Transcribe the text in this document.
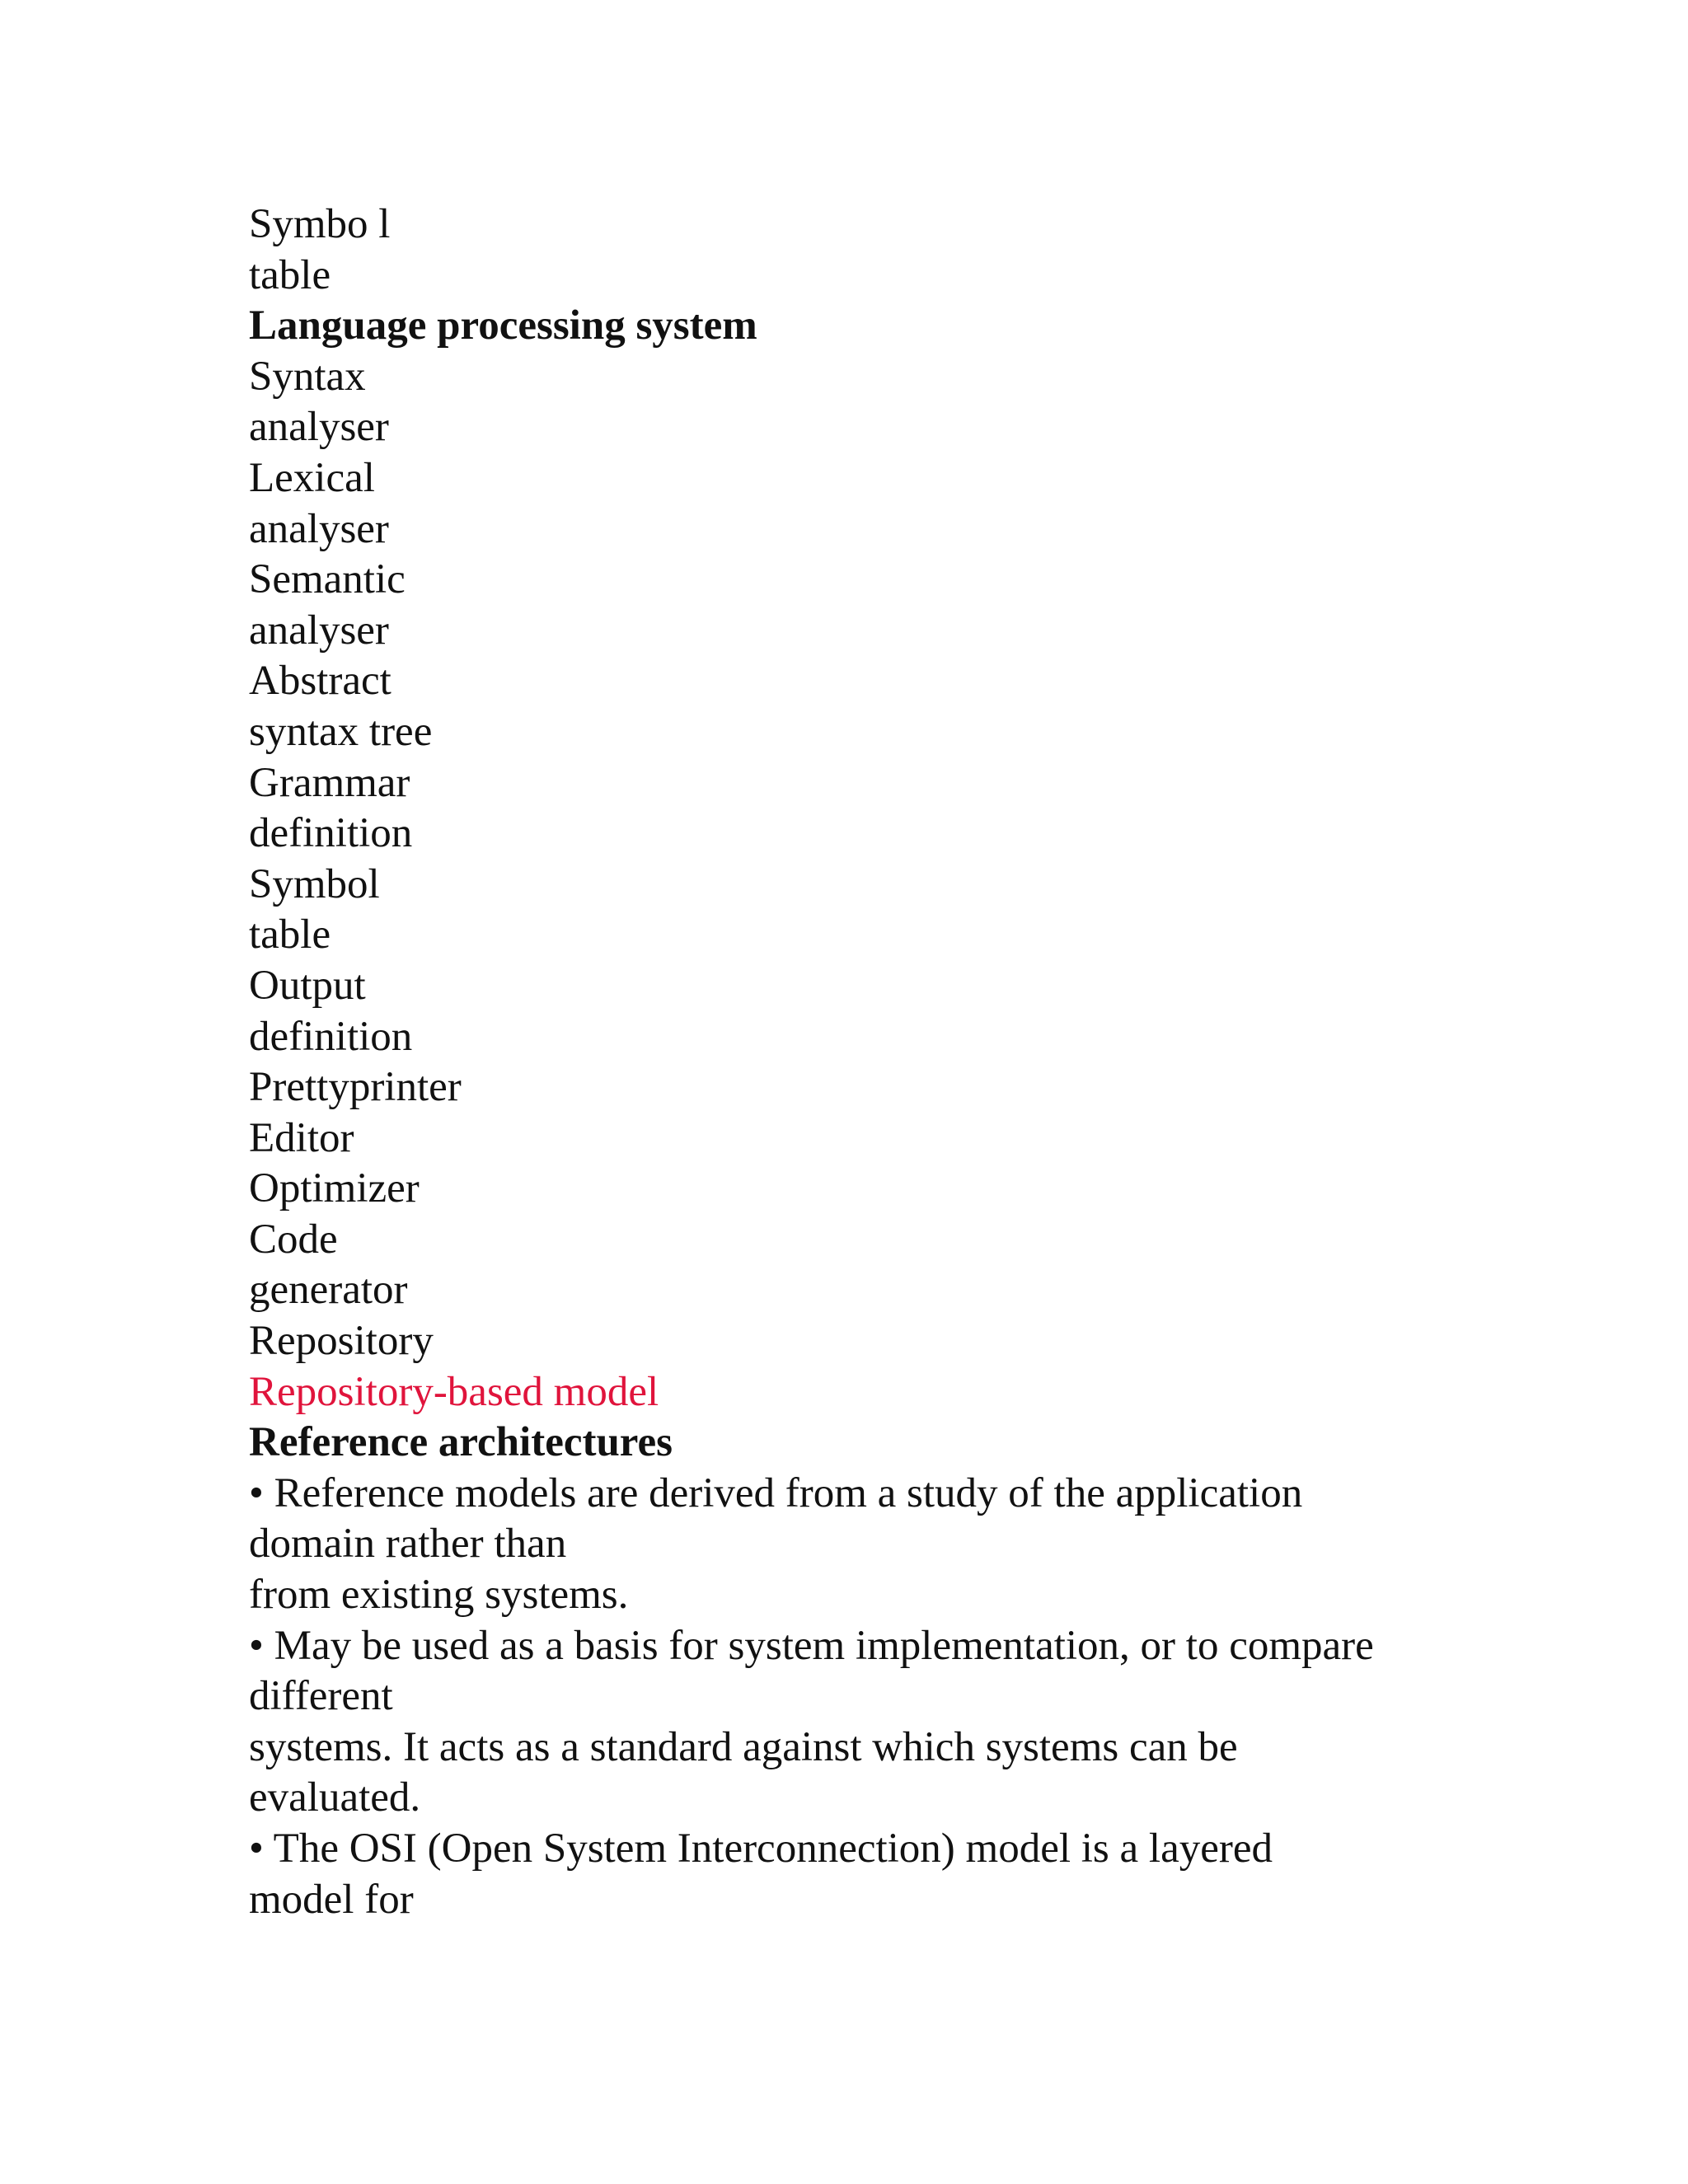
Symbo l
table
Language processing system
Syntax
analyser
Lexical
analyser
Semantic
analyser
Abstract
syntax tree
Grammar
definition
Symbol
table
Output
definition
Prettyprinter
Editor
Optimizer
Code
generator
Repository
Repository-based model
Reference architectures
• Reference models are derived from a study of the application
domain rather than
from existing systems.
• May be used as a basis for system implementation, or to compare
different
systems. It acts as a standard against which systems can be
evaluated.
• The OSI (Open System Interconnection) model is a layered
model for
